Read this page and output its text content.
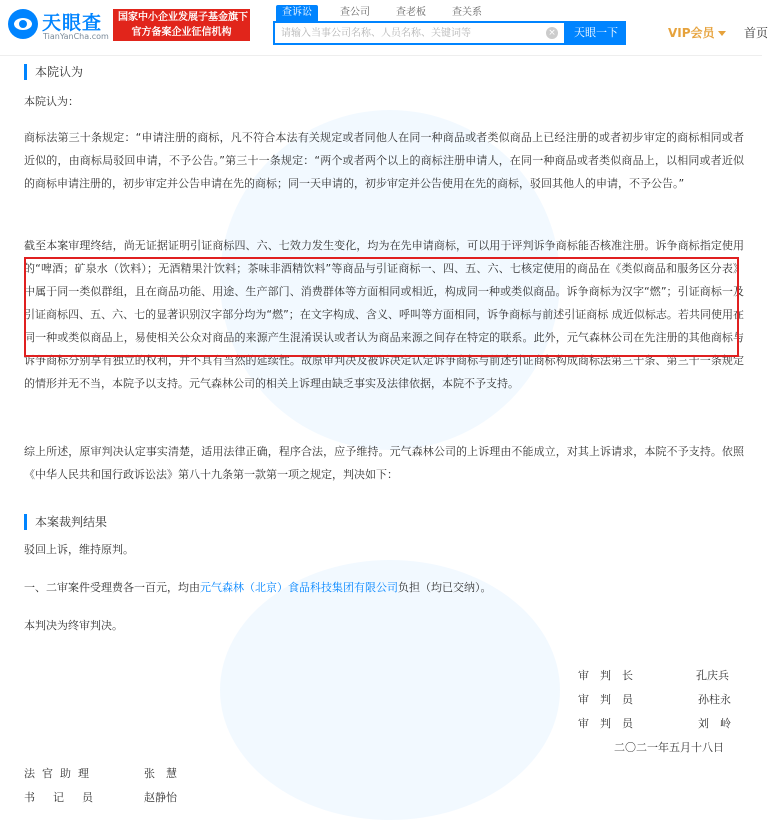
天眼查
TianYanCha.com
国家中小企业发展子基金旗下
官方备案企业征信机构
查诉讼	查公司	查老板	查关系
请输入当事公司名称、人员名称、关键词等
×	天眼一下	VIP会员	首页
本院认为
本院认为：
商标法第三十条规定：“申请注册的商标，凡不符合本法有关规定或者同他人在同一种商品或者类似商品上已经注册的或者初步审定的商标相同或者近似的，由商标局驳回申请，不予公告。”第三十一条规定：“两个或者两个以上的商标注册申请人，在同一种商品或者类似商品上，以相同或者近似的商标申请注册的，初步审定并公告申请在先的商标；同一天申请的，初步审定并公告使用在先的商标，驳回其他人的申请，不予公告。”
截至本案审理终结，尚无证据证明引证商标四、六、七效力发生变化，均为在先申请商标，可以用于评判诉争商标能否核准注册。诉争商标指定使用的“啤酒；矿泉水（饮料）；无酒精果汁饮料；茶味非酒精饮料”等商品与引证商标一、四、五、六、七核定使用的商品在《类似商品和服务区分表》中属于同一类似群组，且在商品功能、用途、生产部门、消费群体等方面相同或相近，构成同一种或类似商品。诉争商标为汉字“燃”；引证商标一及引证商标四、五、六、七的显著识别汉字部分均为“燃”；在文字构成、含义、呼叫等方面相同，诉争商标与前述引证商标 成近似标志。若共同使用在同一种或类似商品上，易使相关公众对商品的来源产生混淆误认或者认为商品来源之间存在特定的联系。此外，元气森林公司在先注册的其他商标与诉争商标分别享有独立的权利，并不具有当然的延续性。故原审判决及被诉决定认定诉争商标与前述引证商标构成商标法第三十条、第三十一条规定的情形并无不当，本院予以支持。元气森林公司的相关上诉理由缺乏事实及法律依据，本院不予支持。
综上所述，原审判决认定事实清楚，适用法律正确，程序合法，应予维持。元气森林公司的上诉理由不能成立，对其上诉请求，本院不予支持。依照《中华人民共和国行政诉讼法》第八十九条第一款第一项之规定，判决如下：
本案裁判结果
驳回上诉，维持原判。
一、二审案件受理费各一百元，均由元气森林（北京）食品科技集团有限公司负担（均已交纳）。
本判决为终审判决。
审　判　长	孔庆兵
审　判　员	孙柱永
审　判　员	刘　岭
二〇二一年五月十八日
法官助理	张　慧
书记员	赵静怡
